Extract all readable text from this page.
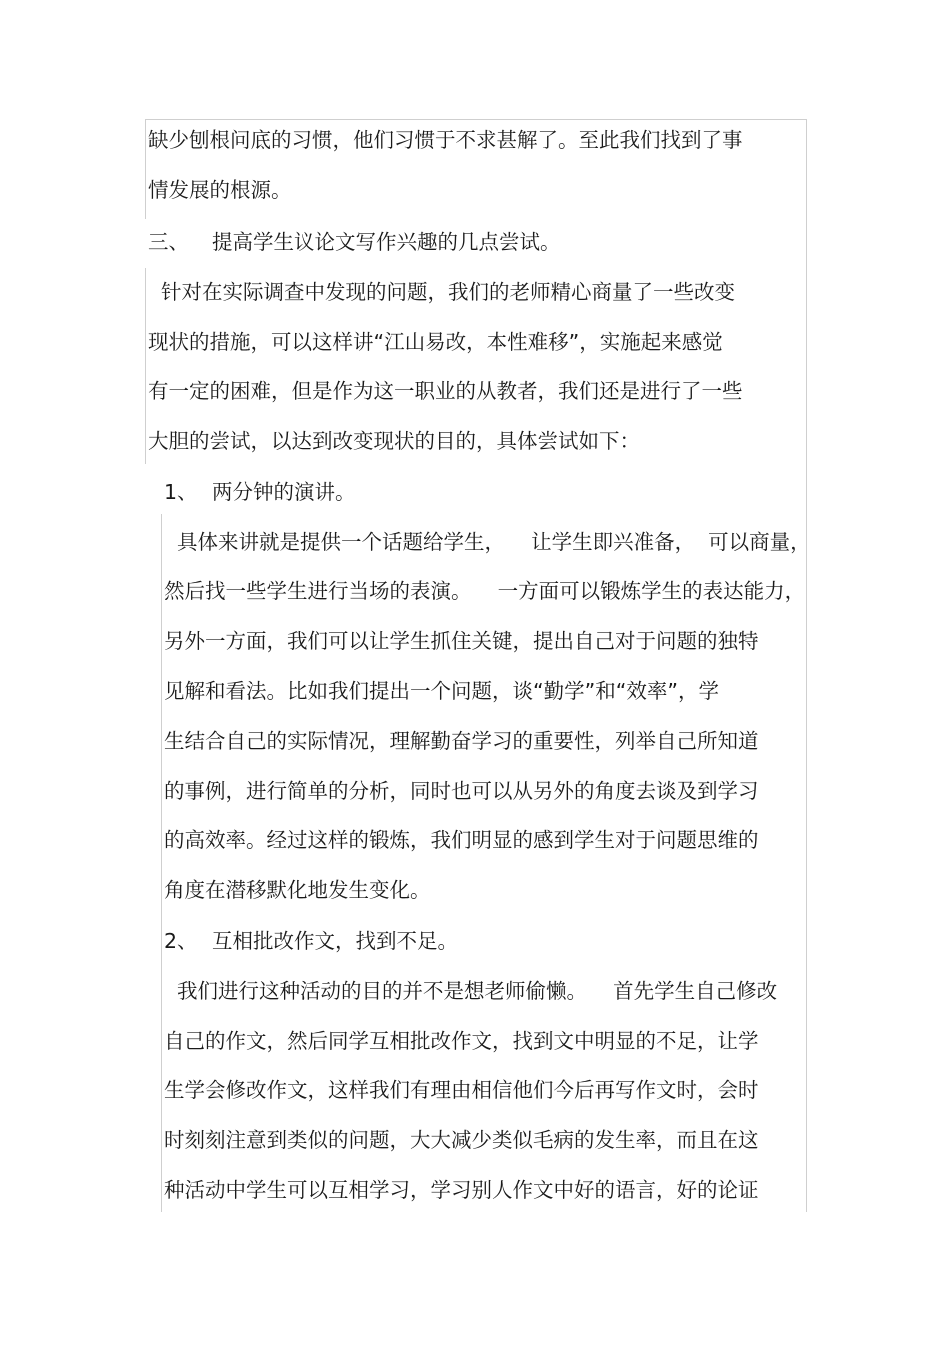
缺少刨根问底的习惯，他们习惯于不求甚解了。至此我们找到了事
情发展的根源。
三、 提高学生议论文写作兴趣的几点尝试。
针对在实际调查中发现的问题，我们的老师精心商量了一些改变
现状的措施，可以这样讲“江山易改，本性难移”，实施起来感觉
有一定的困难，但是作为这一职业的从教者，我们还是进行了一些
大胆的尝试，以达到改变现状的目的，具体尝试如下：
1、 两分钟的演讲。
具体来讲就是提供一个话题给学生，    让学生即兴准备，  可以商量，
然后找一些学生进行当场的表演。    一方面可以锻炼学生的表达能力，
另外一方面，我们可以让学生抓住关键，提出自己对于问题的独特
见解和看法。比如我们提出一个问题，谈“勤学”和“效率”，学
生结合自己的实际情况，理解勤奋学习的重要性，列举自己所知道
的事例，进行简单的分析，同时也可以从另外的角度去谈及到学习
的高效率。经过这样的锻炼，我们明显的感到学生对于问题思维的
角度在潜移默化地发生变化。
2、 互相批改作文，找到不足。
我们进行这种活动的目的并不是想老师偷懒。    首先学生自己修改
自己的作文，然后同学互相批改作文，找到文中明显的不足，让学
生学会修改作文，这样我们有理由相信他们今后再写作文时，会时
时刻刻注意到类似的问题，大大减少类似毛病的发生率，而且在这
种活动中学生可以互相学习，学习别人作文中好的语言，好的论证
